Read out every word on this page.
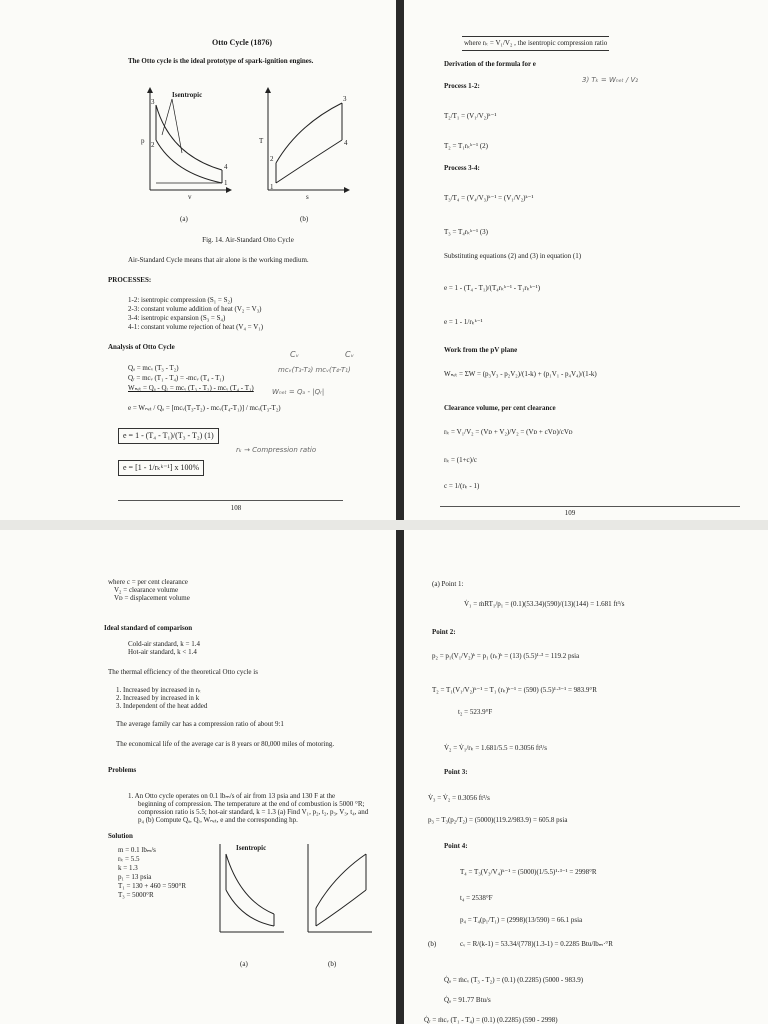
Otto Cycle (1876)
The Otto cycle is the ideal prototype of spark-ignition engines.
Isentropic
p
v
3
2
4
1
T
s
3
2
4
1
(a)	(b)
Fig. 14. Air-Standard Otto Cycle
Air-Standard Cycle means that air alone is the working medium.
PROCESSES:
1-2: isentropic compression (S₁ = S₂)
2-3: constant volume addition of heat (V₂ = V₃)
3-4: isentropic expansion (S₃ = S₄)
4-1: constant volume rejection of heat (V₄ = V₁)
Analysis of Otto Cycle
Qₐ = mcᵥ (T₃ - T₂)
Qᵣ = mcᵥ (T₁ - T₄) = -mcᵥ (T₄ - T₁)
Wₙₑₜ = Qₐ - Qᵣ = mcᵥ (T₃ - T₂) - mcᵥ (T₄ - T₁)
e = Wₙₑₜ / Qₐ = [mcᵥ(T₃-T₂) - mcᵥ(T₄-T₁)] / mcᵥ(T₃-T₂)
e = 1 - (T₄ - T₁)/(T₃ - T₂) (1)
e = [1 - 1/rₖᵏ⁻¹] x 100%
Cᵥ	Cᵥ
mcᵥ(T₃-T₂) mcᵥ(T₄-T₁)
Wₙₑₜ = Qₐ - |Qᵣ|
rₖ → Compression ratio
108
where rₖ = V₁/V₂ , the isentropic compression ratio
Derivation of the formula for e
3) Tₖ = Wₙₑₜ / V₂
Process 1-2:
T₂/T₁ = (V₁/V₂)ᵏ⁻¹
T₂ = T₁rₖᵏ⁻¹ (2)
Process 3-4:
T₃/T₄ = (V₄/V₃)ᵏ⁻¹ = (V₁/V₂)ᵏ⁻¹
T₃ = T₄rₖᵏ⁻¹ (3)
Substituting equations (2) and (3) in equation (1)
e = 1 - (T₄ - T₁)/(T₄rₖᵏ⁻¹ - T₁rₖᵏ⁻¹)
e = 1 - 1/rₖᵏ⁻¹
Work from the pV plane
Wₙₑₜ = ΣW = (p₃V₃ - p₂V₂)/(1-k) + (p₁V₁ - p₄V₄)/(1-k)
Clearance volume, per cent clearance
rₖ = V₁/V₂ = (Vᴅ + V₂)/V₂ = (Vᴅ + cVᴅ)/cVᴅ
rₖ = (1+c)/c
c = 1/(rₖ - 1)
109
where c = per cent clearance
V₂ = clearance volume
Vᴅ = displacement volume
Ideal standard of comparison
Cold-air standard, k = 1.4
Hot-air standard, k < 1.4
The thermal efficiency of the theoretical Otto cycle is
1. Increased by increased in rₖ
2. Increased by increased in k
3. Independent of the heat added
The average family car has a compression ratio of about 9:1
The economical life of the average car is 8 years or 80,000 miles of motoring.
Problems
1. An Otto cycle operates on 0.1 lbₘ/s of air from 13 psia and 130 F at the
beginning of compression. The temperature at the end of combustion is 5000 °R;
compression ratio is 5.5; hot-air standard, k = 1.3 (a) Find V₁, p₂, t₂, p₃, V₃, t₄, and
p₄ (b) Compute Qₐ, Qᵣ, Wₙₑₜ, e and the corresponding hp.
Solution
m = 0.1 lbₘ/s
rₖ = 5.5
k = 1.3
p₁ = 13 psia
T₁ = 130 + 460 = 590°R
T₃ = 5000°R
Isentropic
(a)	(b)
(a) Point 1:
V̇₁ = ṁRT₁/p₁ = (0.1)(53.34)(590)/(13)(144) = 1.681 ft³/s
Point 2:
p₂ = p₁(V₁/V₂)ᵏ = p₁ (rₖ)ᵏ = (13) (5.5)¹·³ = 119.2 psia
T₂ = T₁(V₁/V₂)ᵏ⁻¹ = T₁ (rₖ)ᵏ⁻¹ = (590) (5.5)¹·³⁻¹ = 983.9°R
t₂ = 523.9°F
V̇₂ = V̇₁/rₖ = 1.681/5.5 = 0.3056 ft³/s
Point 3:
V̇₃ = V̇₂ = 0.3056 ft³/s
p₃ = T₃(p₂/T₂) = (5000)(119.2/983.9) = 605.8 psia
Point 4:
T₄ = T₃(V₃/V₄)ᵏ⁻¹ = (5000)(1/5.5)¹·³⁻¹ = 2998°R
t₄ = 2538°F
p₄ = T₄(p₁/T₁) = (2998)(13/590) = 66.1 psia
(b)	cᵥ = R/(k-1) = 53.34/(778)(1.3-1) = 0.2285 Btu/lbₘ·°R
Q̇ₐ = ṁcᵥ (T₃ - T₂) = (0.1) (0.2285) (5000 - 983.9)
Q̇ₐ = 91.77 Btu/s
Q̇ᵣ = ṁcᵥ (T₁ - T₄) = (0.1) (0.2285) (590 - 2998)
